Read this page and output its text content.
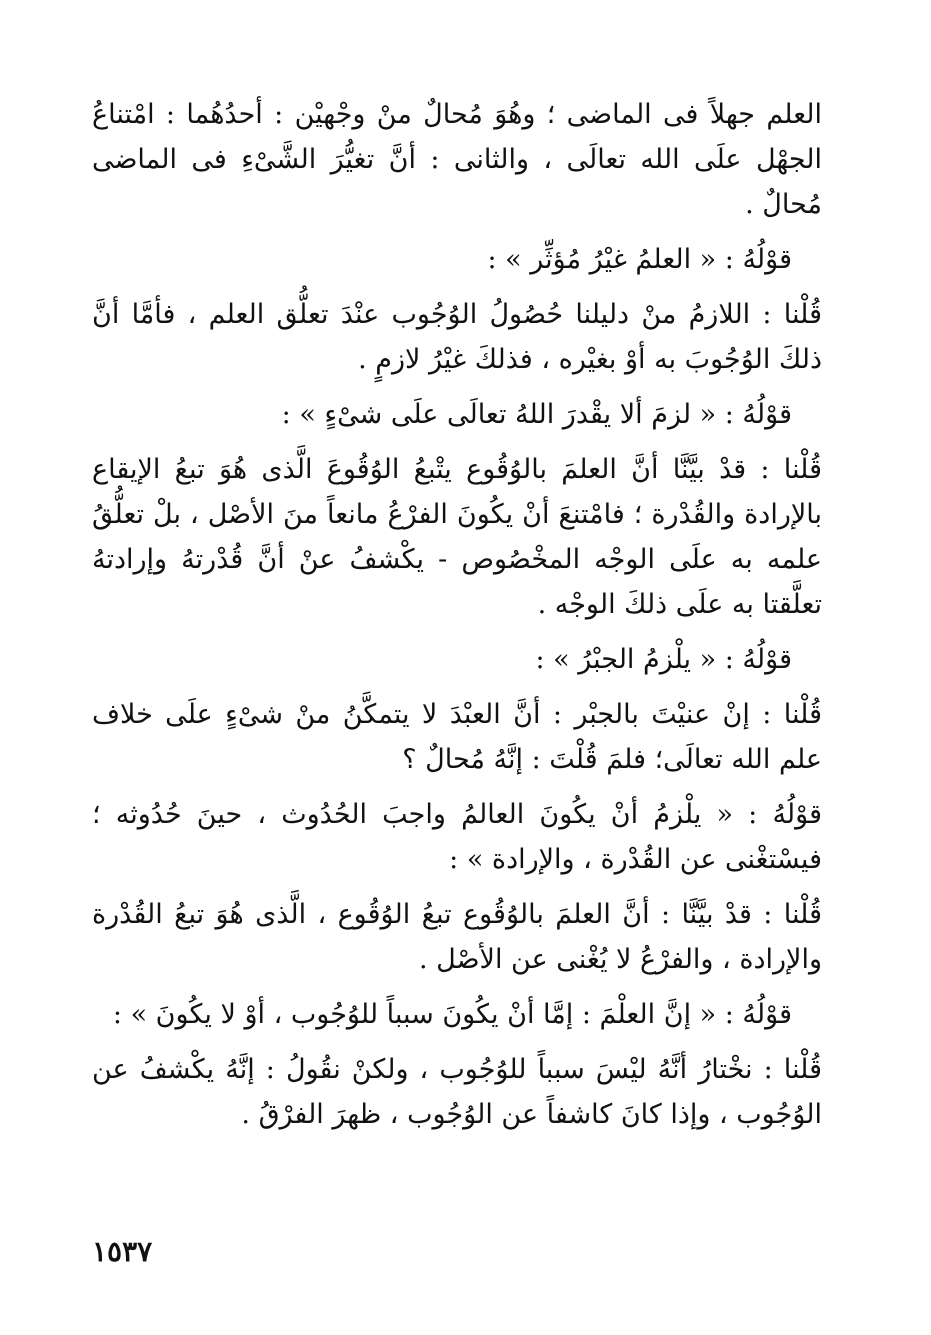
العلم جهلاً فى الماضى ؛ وهُوَ مُحالٌ منْ وجْهيْن : أحدُهُما : امْتناعُ الجهْل علَى الله تعالَى ، والثانى : أنَّ تغيُّرَ الشَّىْءِ فى الماضى مُحالٌ .

قوْلُهُ : « العلمُ غيْرُ مُؤثِّر » :

قُلْنا : اللازمُ منْ دليلنا حُصُولُ الوُجُوب عنْدَ تعلُّق العلم ، فأمَّا أنَّ ذلكَ الوُجُوبَ به أوْ بغيْره ، فذلكَ غيْرُ لازمٍ .

قوْلُهُ : « لزمَ ألا يقْدرَ اللهُ تعالَى علَى شىْءٍ » :

قُلْنا : قدْ بيَّنَّا أنَّ العلمَ بالوُقُوع يتْبعُ الوُقُوعَ الَّذى هُوَ تبعُ الإيقاع بالإرادة والقُدْرة ؛ فامْتنعَ أنْ يكُونَ الفرْعُ مانعاً منَ الأصْل ، بلْ تعلُّقُ علمه به علَى الوجْه المخْصُوص - يكْشفُ عنْ أنَّ قُدْرتهُ وإرادتهُ تعلَّقتا به علَى ذلكَ الوجْه .

قوْلُهُ : « يلْزمُ الجبْرُ » :

قُلْنا : إنْ عنيْتَ بالجبْر : أنَّ العبْدَ لا يتمكَّنُ منْ شىْءٍ علَى خلاف علم الله تعالَى؛ فلمَ قُلْتَ : إنَّهُ مُحالٌ ؟

قوْلُهُ : « يلْزمُ أنْ يكُونَ العالمُ واجبَ الحُدُوث ، حينَ حُدُوثه ؛ فيسْتغْنى عن القُدْرة ، والإرادة » :

قُلْنا : قدْ بيَّنَّا : أنَّ العلمَ بالوُقُوع تبعُ الوُقُوع ، الَّذى هُوَ تبعُ القُدْرة والإرادة ، والفرْعُ لا يُغْنى عن الأصْل .

قوْلُهُ : « إنَّ العلْمَ : إمَّا أنْ يكُونَ سبباً للوُجُوب ، أوْ لا يكُونَ » :

قُلْنا : نخْتارُ أنَّهُ ليْسَ سبباً للوُجُوب ، ولكنْ نقُولُ : إنَّهُ يكْشفُ عن الوُجُوب ، وإذا كانَ كاشفاً عن الوُجُوب ، ظهرَ الفرْقُ .

١٥٣٧
